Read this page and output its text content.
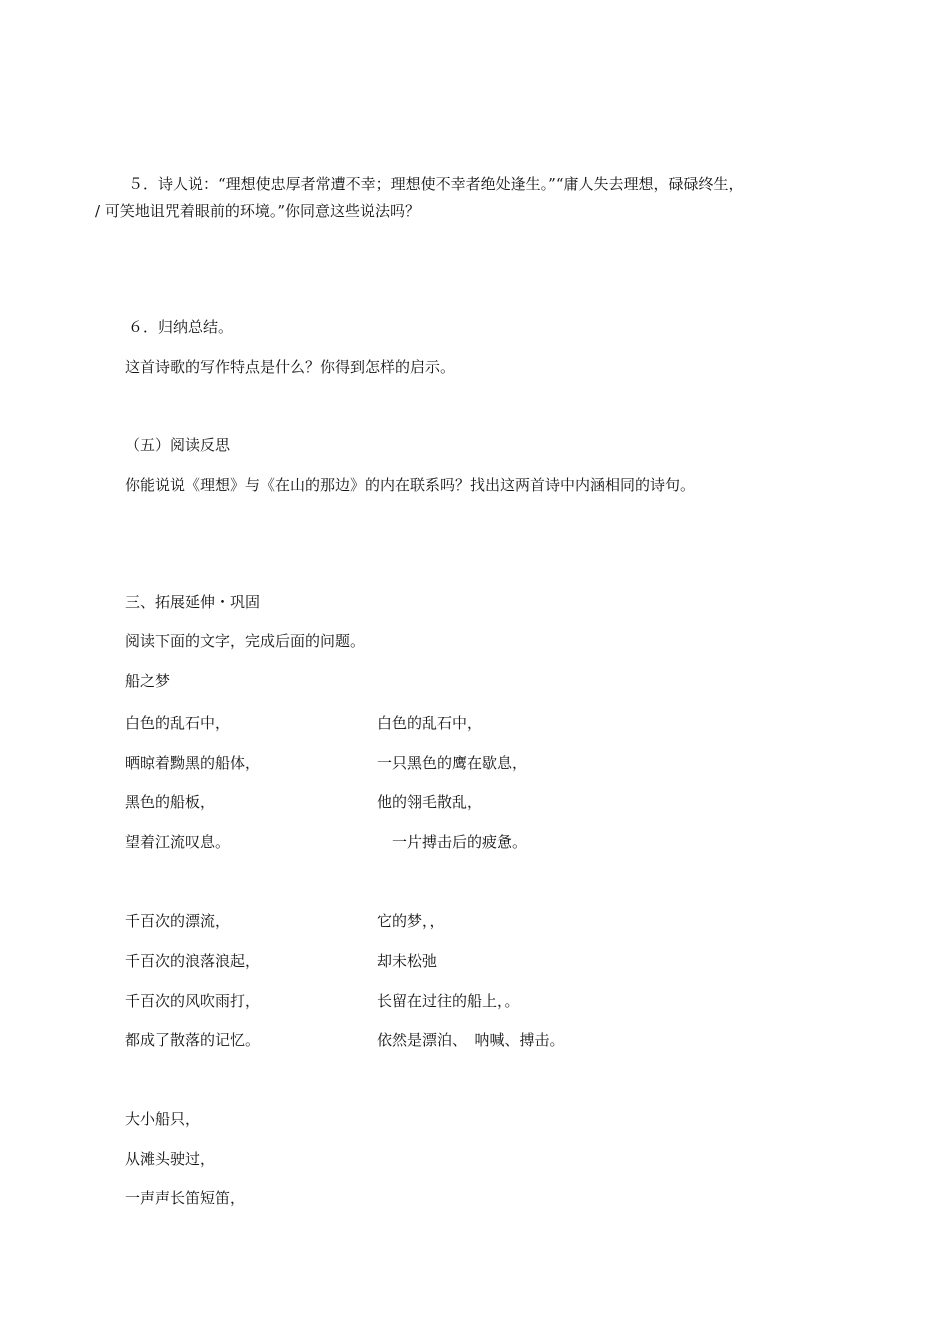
５．诗人说：“理想使忠厚者常遭不幸；理想使不幸者绝处逢生。”“庸人失去理想，碌碌终生，
/ 可笑地诅咒着眼前的环境。”你同意这些说法吗？
６．归纳总结。
这首诗歌的写作特点是什么？你得到怎样的启示。
（五）阅读反思
你能说说《理想》与《在山的那边》的内在联系吗？找出这两首诗中内涵相同的诗句。
三、拓展延伸・巩固
阅读下面的文字，完成后面的问题。
船之梦
白色的乱石中，	白色的乱石中，
晒晾着黝黑的船体，	一只黑色的鹰在歇息，
黑色的船板，	他的翎毛散乱，
望着江流叹息。	　一片搏击后的疲惫。
千百次的漂流，	它的梦，，
千百次的浪落浪起，	却未松弛
千百次的风吹雨打，	长留在过往的船上，。
都成了散落的记忆。	依然是漂泊、　呐喊、搏击。
大小船只，
从滩头驶过，
一声声长笛短笛，
